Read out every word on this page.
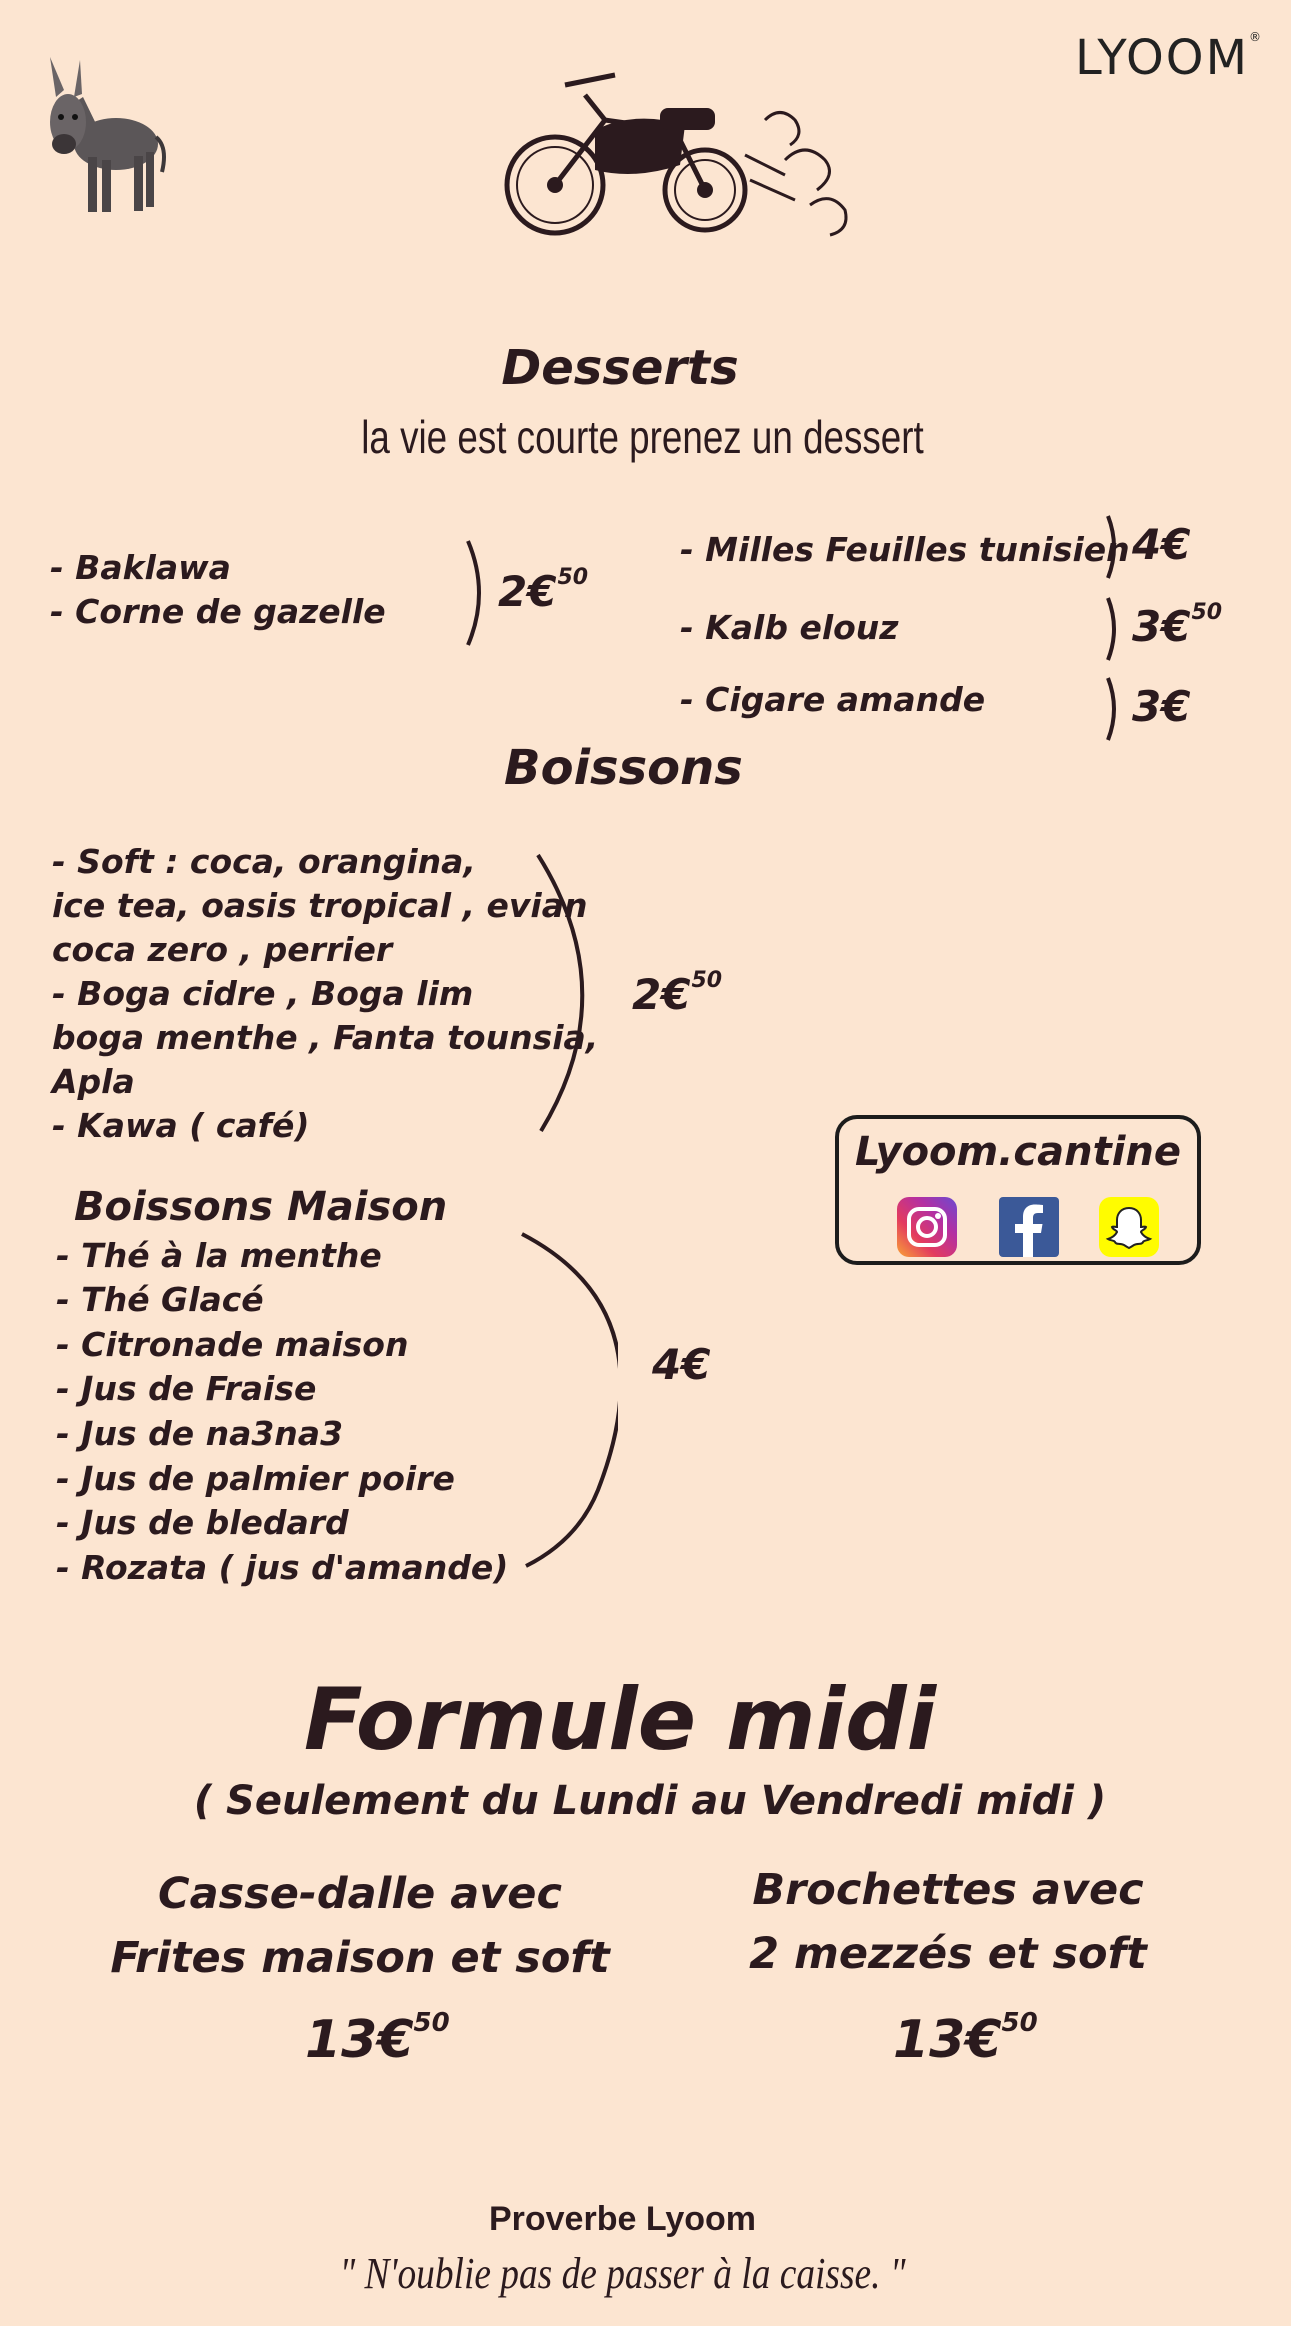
LYOOM®
Desserts
la vie est courte prenez un dessert
- Baklawa
- Corne de gazelle	2€$^{50}$
- Milles Feuilles tunisien 4€
- Kalb elouz	3€$^{50}$
- Cigare amande	3€
Boissons
- Soft : coca, orangina,
ice tea, oasis tropical , evian
coca zero , perrier
- Boga cidre , Boga lim
boga menthe , Fanta tounsia,
Apla
- Kawa ( café)
2€$^{50}$
Boissons Maison
- Thé à la menthe
- Thé Glacé
- Citronade maison
- Jus de Fraise
- Jus de na3na3
- Jus de palmier poire
- Jus de bledard
- Rozata ( jus d'amande)
4€
Lyoom.cantine
Formule midi
( Seulement du Lundi au Vendredi midi )
Casse-dalle avec
Frites maison et soft
13€$^{50}$
Brochettes avec
2 mezzés et soft
13€$^{50}$
Proverbe Lyoom
" N'oublie pas de passer à la caisse. "
